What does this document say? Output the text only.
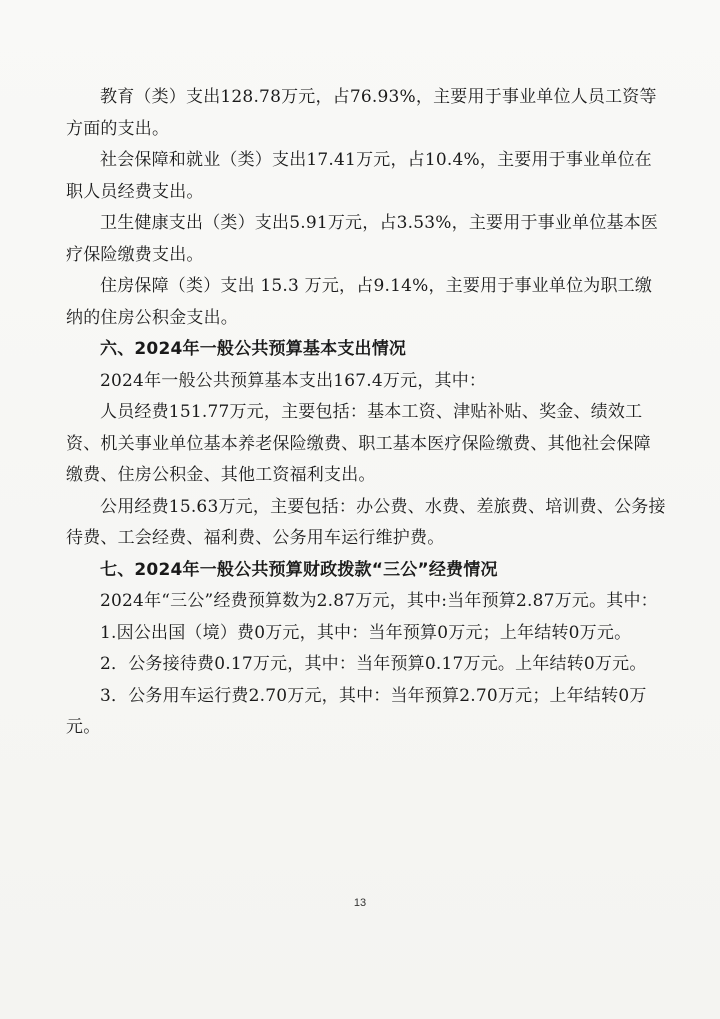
教育（类）支出128.78万元，占76.93%，主要用于事业单位人员工资等方面的支出。

社会保障和就业（类）支出17.41万元，占10.4%，主要用于事业单位在职人员经费支出。

卫生健康支出（类）支出5.91万元，占3.53%，主要用于事业单位基本医疗保险缴费支出。

住房保障（类）支出 15.3 万元，占9.14%，主要用于事业单位为职工缴纳的住房公积金支出。

六、2024年一般公共预算基本支出情况

2024年一般公共预算基本支出167.4万元，其中：

人员经费151.77万元，主要包括：基本工资、津贴补贴、奖金、绩效工资、机关事业单位基本养老保险缴费、职工基本医疗保险缴费、其他社会保障缴费、住房公积金、其他工资福利支出。

公用经费15.63万元，主要包括：办公费、水费、差旅费、培训费、公务接待费、工会经费、福利费、公务用车运行维护费。

七、2024年一般公共预算财政拨款“三公”经费情况

2024年“三公”经费预算数为2.87万元，其中:当年预算2.87万元。其中：

1.因公出国（境）费0万元，其中：当年预算0万元；上年结转0万元。

2．公务接待费0.17万元，其中：当年预算0.17万元。上年结转0万元。

3．公务用车运行费2.70万元，其中：当年预算2.70万元；上年结转0万元。

13
